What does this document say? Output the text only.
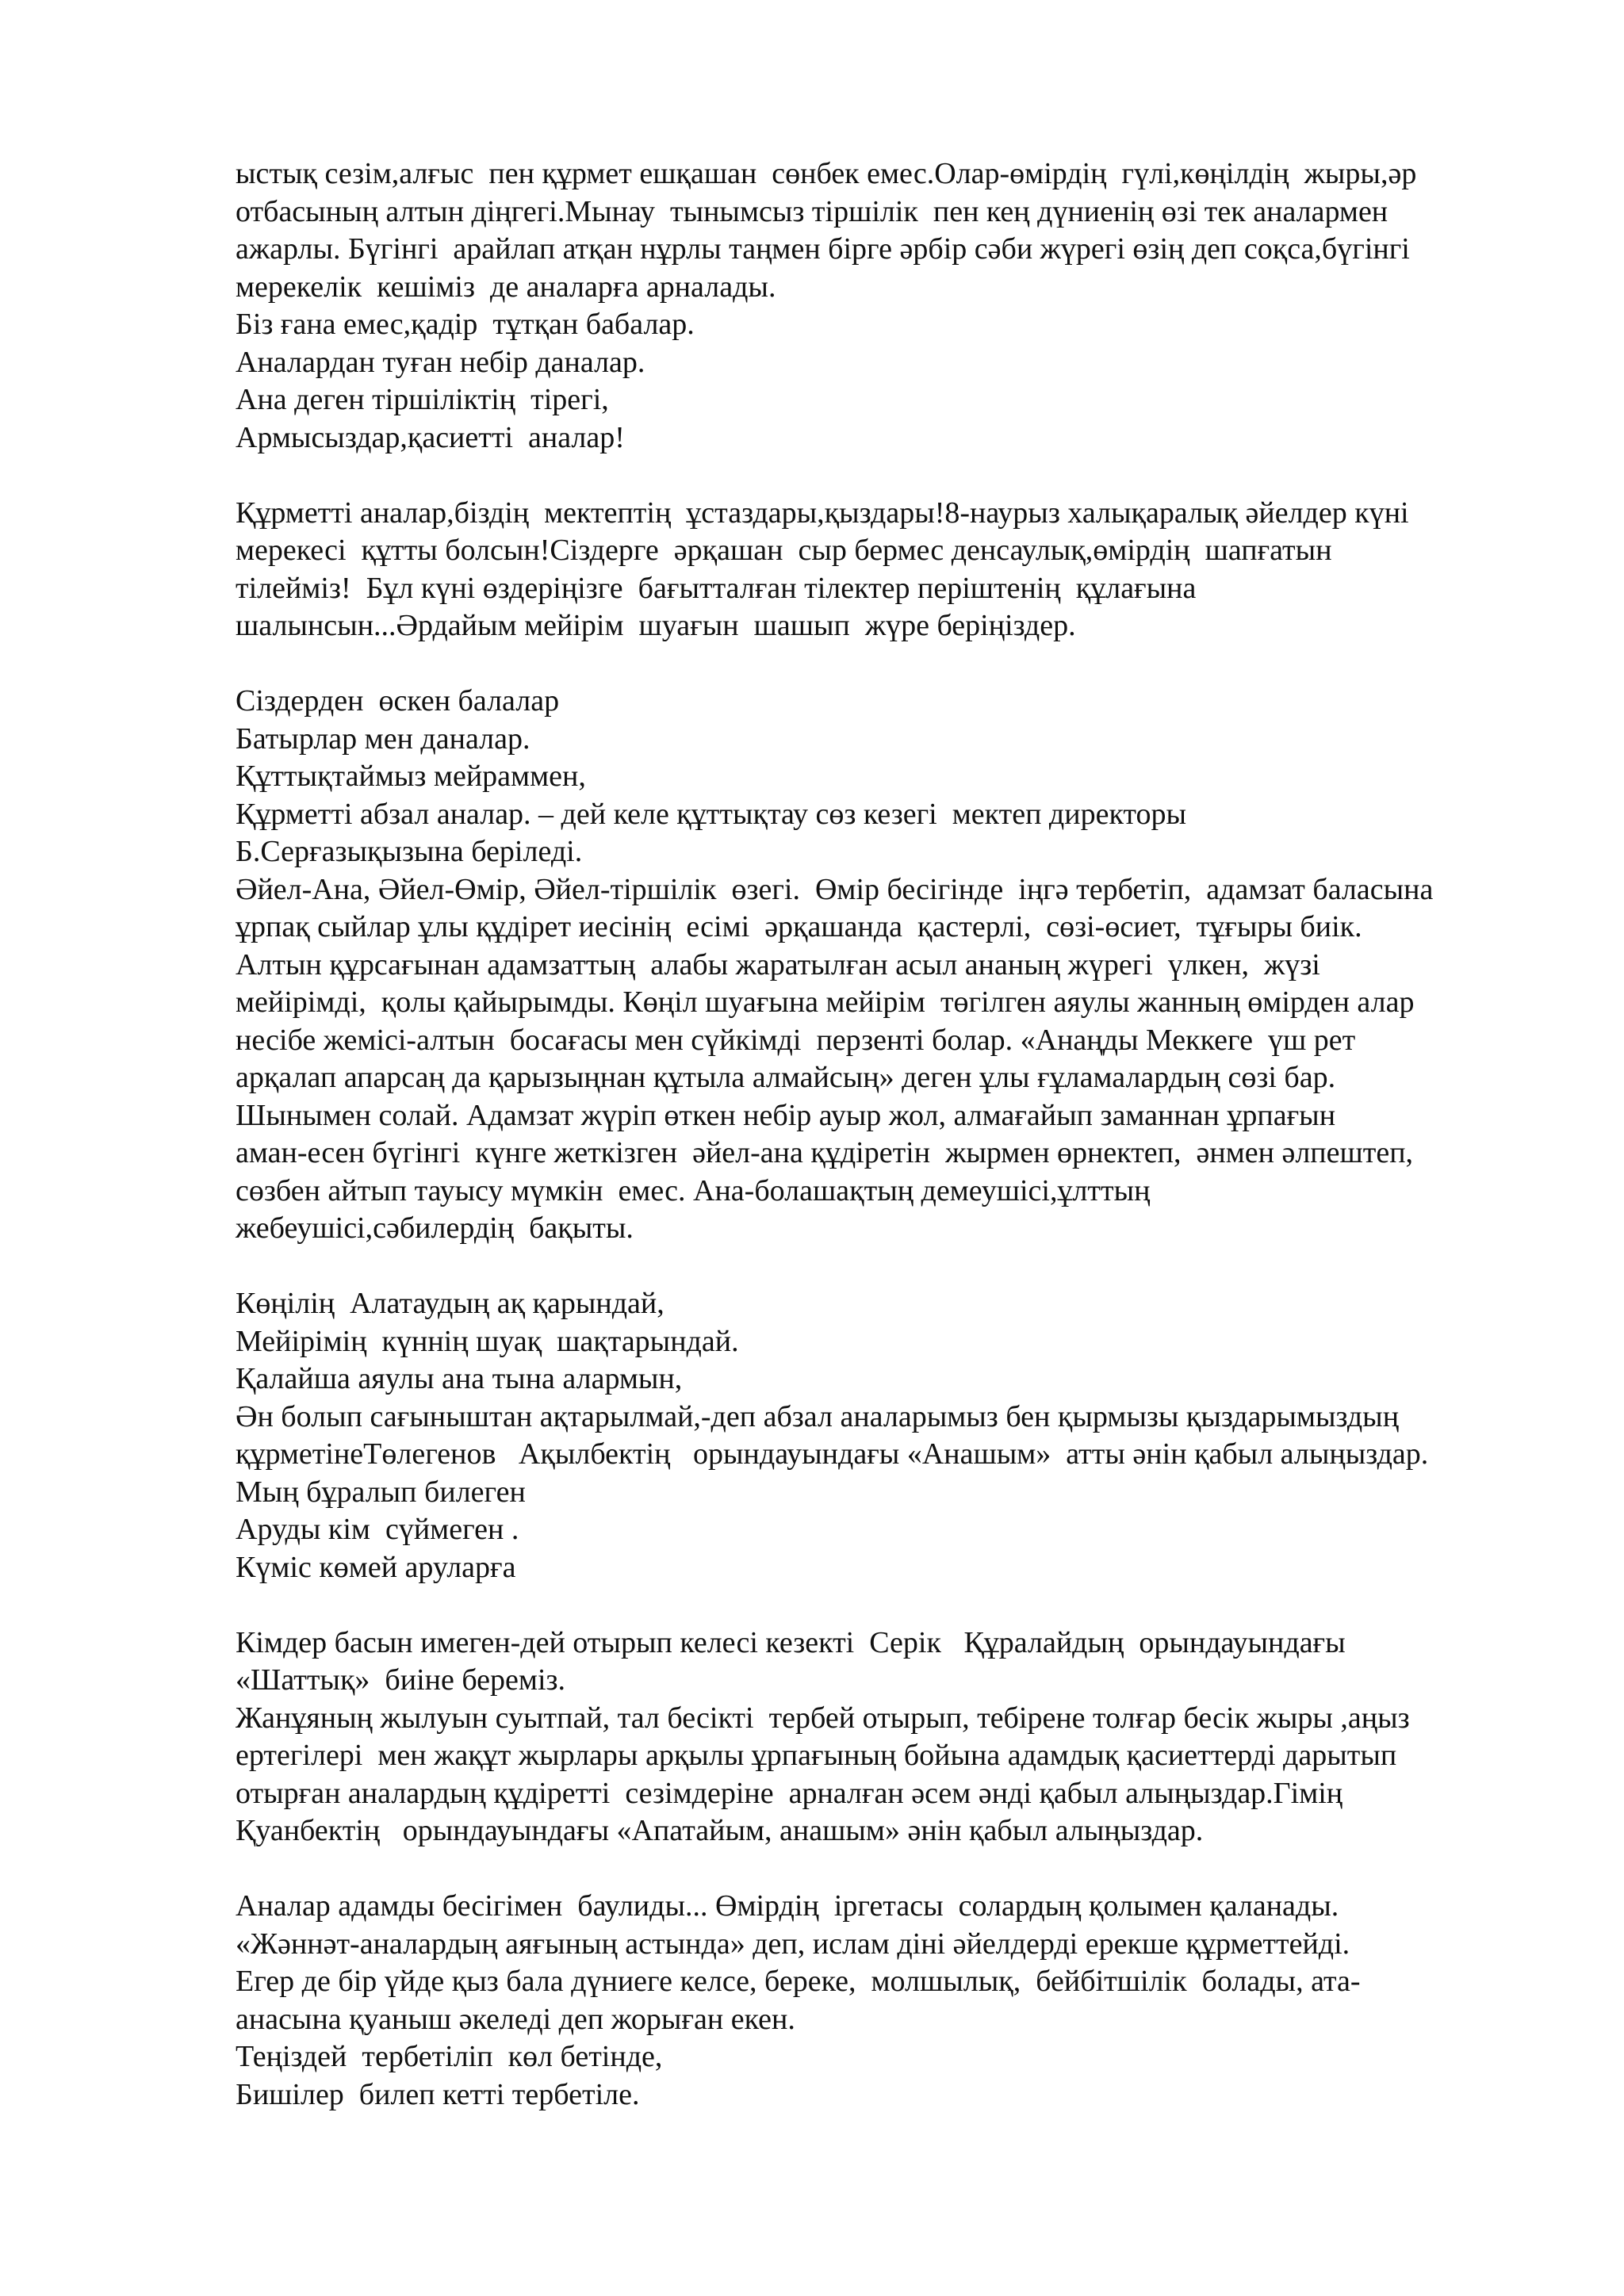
ыстық сезім,алғыс  пен құрмет ешқашан  сөнбек емес.Олар-өмірдің  гүлі,көңілдің  жыры,әр
отбасының алтын діңгегі.Мынау  тынымсыз тіршілік  пен кең дүниенің өзі тек аналармен
ажарлы. Бүгінгі  арайлап атқан нұрлы таңмен бірге әрбір сәби жүрегі өзің деп соқса,бүгінгі
мерекелік  кешіміз  де аналарға арналады.
Біз ғана емес,қадір  тұтқан бабалар.
Аналардан туған небір даналар.
Ана деген тіршіліктің  тірегі,
Армысыздар,қасиетті  аналар!
Құрметті аналар,біздің  мектептің  ұстаздары,қыздары!8-наурыз халықаралық әйелдер күні
мерекесі  құтты болсын!Сіздерге  әрқашан  сыр бермес денсаулық,өмірдің  шапғатын
тілейміз!  Бұл күні өздеріңізге  бағытталған тілектер періштенің  құлағына
шалынсын...Әрдайым мейірім  шуағын  шашып  жүре беріңіздер.
Сіздерден  өскен балалар
Батырлар мен даналар.
Құттықтаймыз мейраммен,
Құрметті абзал аналар. – дей келе құттықтау сөз кезегі  мектеп директоры
Б.Серғазықызына беріледі.
Әйел-Ана, Әйел-Өмір, Әйел-тіршілік  өзегі.  Өмір бесігінде  іңгә тербетіп,  адамзат баласына
ұрпақ сыйлар ұлы құдірет иесінің  есімі  әрқашанда  қастерлі,  сөзі-өсиет,  тұғыры биік.
Алтын құрсағынан адамзаттың  алабы жаратылған асыл ананың жүрегі  үлкен,  жүзі
мейірімді,  қолы қайырымды. Көңіл шуағына мейірім  төгілген аяулы жанның өмірден алар
несібе жемісі-алтын  босағасы мен сүйкімді  перзенті болар. «Анаңды Меккеге  үш рет
арқалап апарсаң да қарызыңнан құтыла алмайсың» деген ұлы ғұламалардың сөзі бар.
Шынымен солай. Адамзат жүріп өткен небір ауыр жол, алмағайып заманнан ұрпағын
аман-есен бүгінгі  күнге жеткізген  әйел-ана құдіретін  жырмен өрнектеп,  әнмен әлпештеп,
сөзбен айтып тауысу мүмкін  емес. Ана-болашақтың демеушісі,ұлттың
жебеушісі,сәбилердің  бақыты.
Көңілің  Алатаудың ақ қарындай,
Мейірімің  күннің шуақ  шақтарындай.
Қалайша аяулы ана тына алармын,
Ән болып сағыныштан ақтарылмай,-деп абзал аналарымыз бен қырмызы қыздарымыздың
құрметінеТөлегенов   Ақылбектің   орындауындағы «Анашым»  атты әнін қабыл алыңыздар.
Мың бұралып билеген
Аруды кім  сүймеген .
Күміс көмей аруларға
Кімдер басын имеген-дей отырып келесі кезекті  Серік   Құралайдың  орындауындағы
«Шаттық»  биіне береміз.
Жанұяның жылуын суытпай, тал бесікті  тербей отырып, тебірене толғар бесік жыры ,аңыз
ертегілері  мен жақұт жырлары арқылы ұрпағының бойына адамдық қасиеттерді дарытып
отырған аналардың құдіретті  сезімдеріне  арналған әсем әнді қабыл алыңыздар.Гімің
Қуанбектің   орындауындағы «Апатайым, анашым» әнін қабыл алыңыздар.
Аналар адамды бесігімен  баулиды... Өмірдің  іргетасы  солардың қолымен қаланады.
«Жәннәт-аналардың аяғының астында» деп, ислам діні әйелдерді ерекше құрметтейді.
Егер де бір үйде қыз бала дүниеге келсе, береке,  молшылық,  бейбітшілік  болады, ата-
анасына қуаныш әкеледі деп жорыған екен.
Теңіздей  тербетіліп  көл бетінде,
Бишілер  билеп кетті тербетіле.
